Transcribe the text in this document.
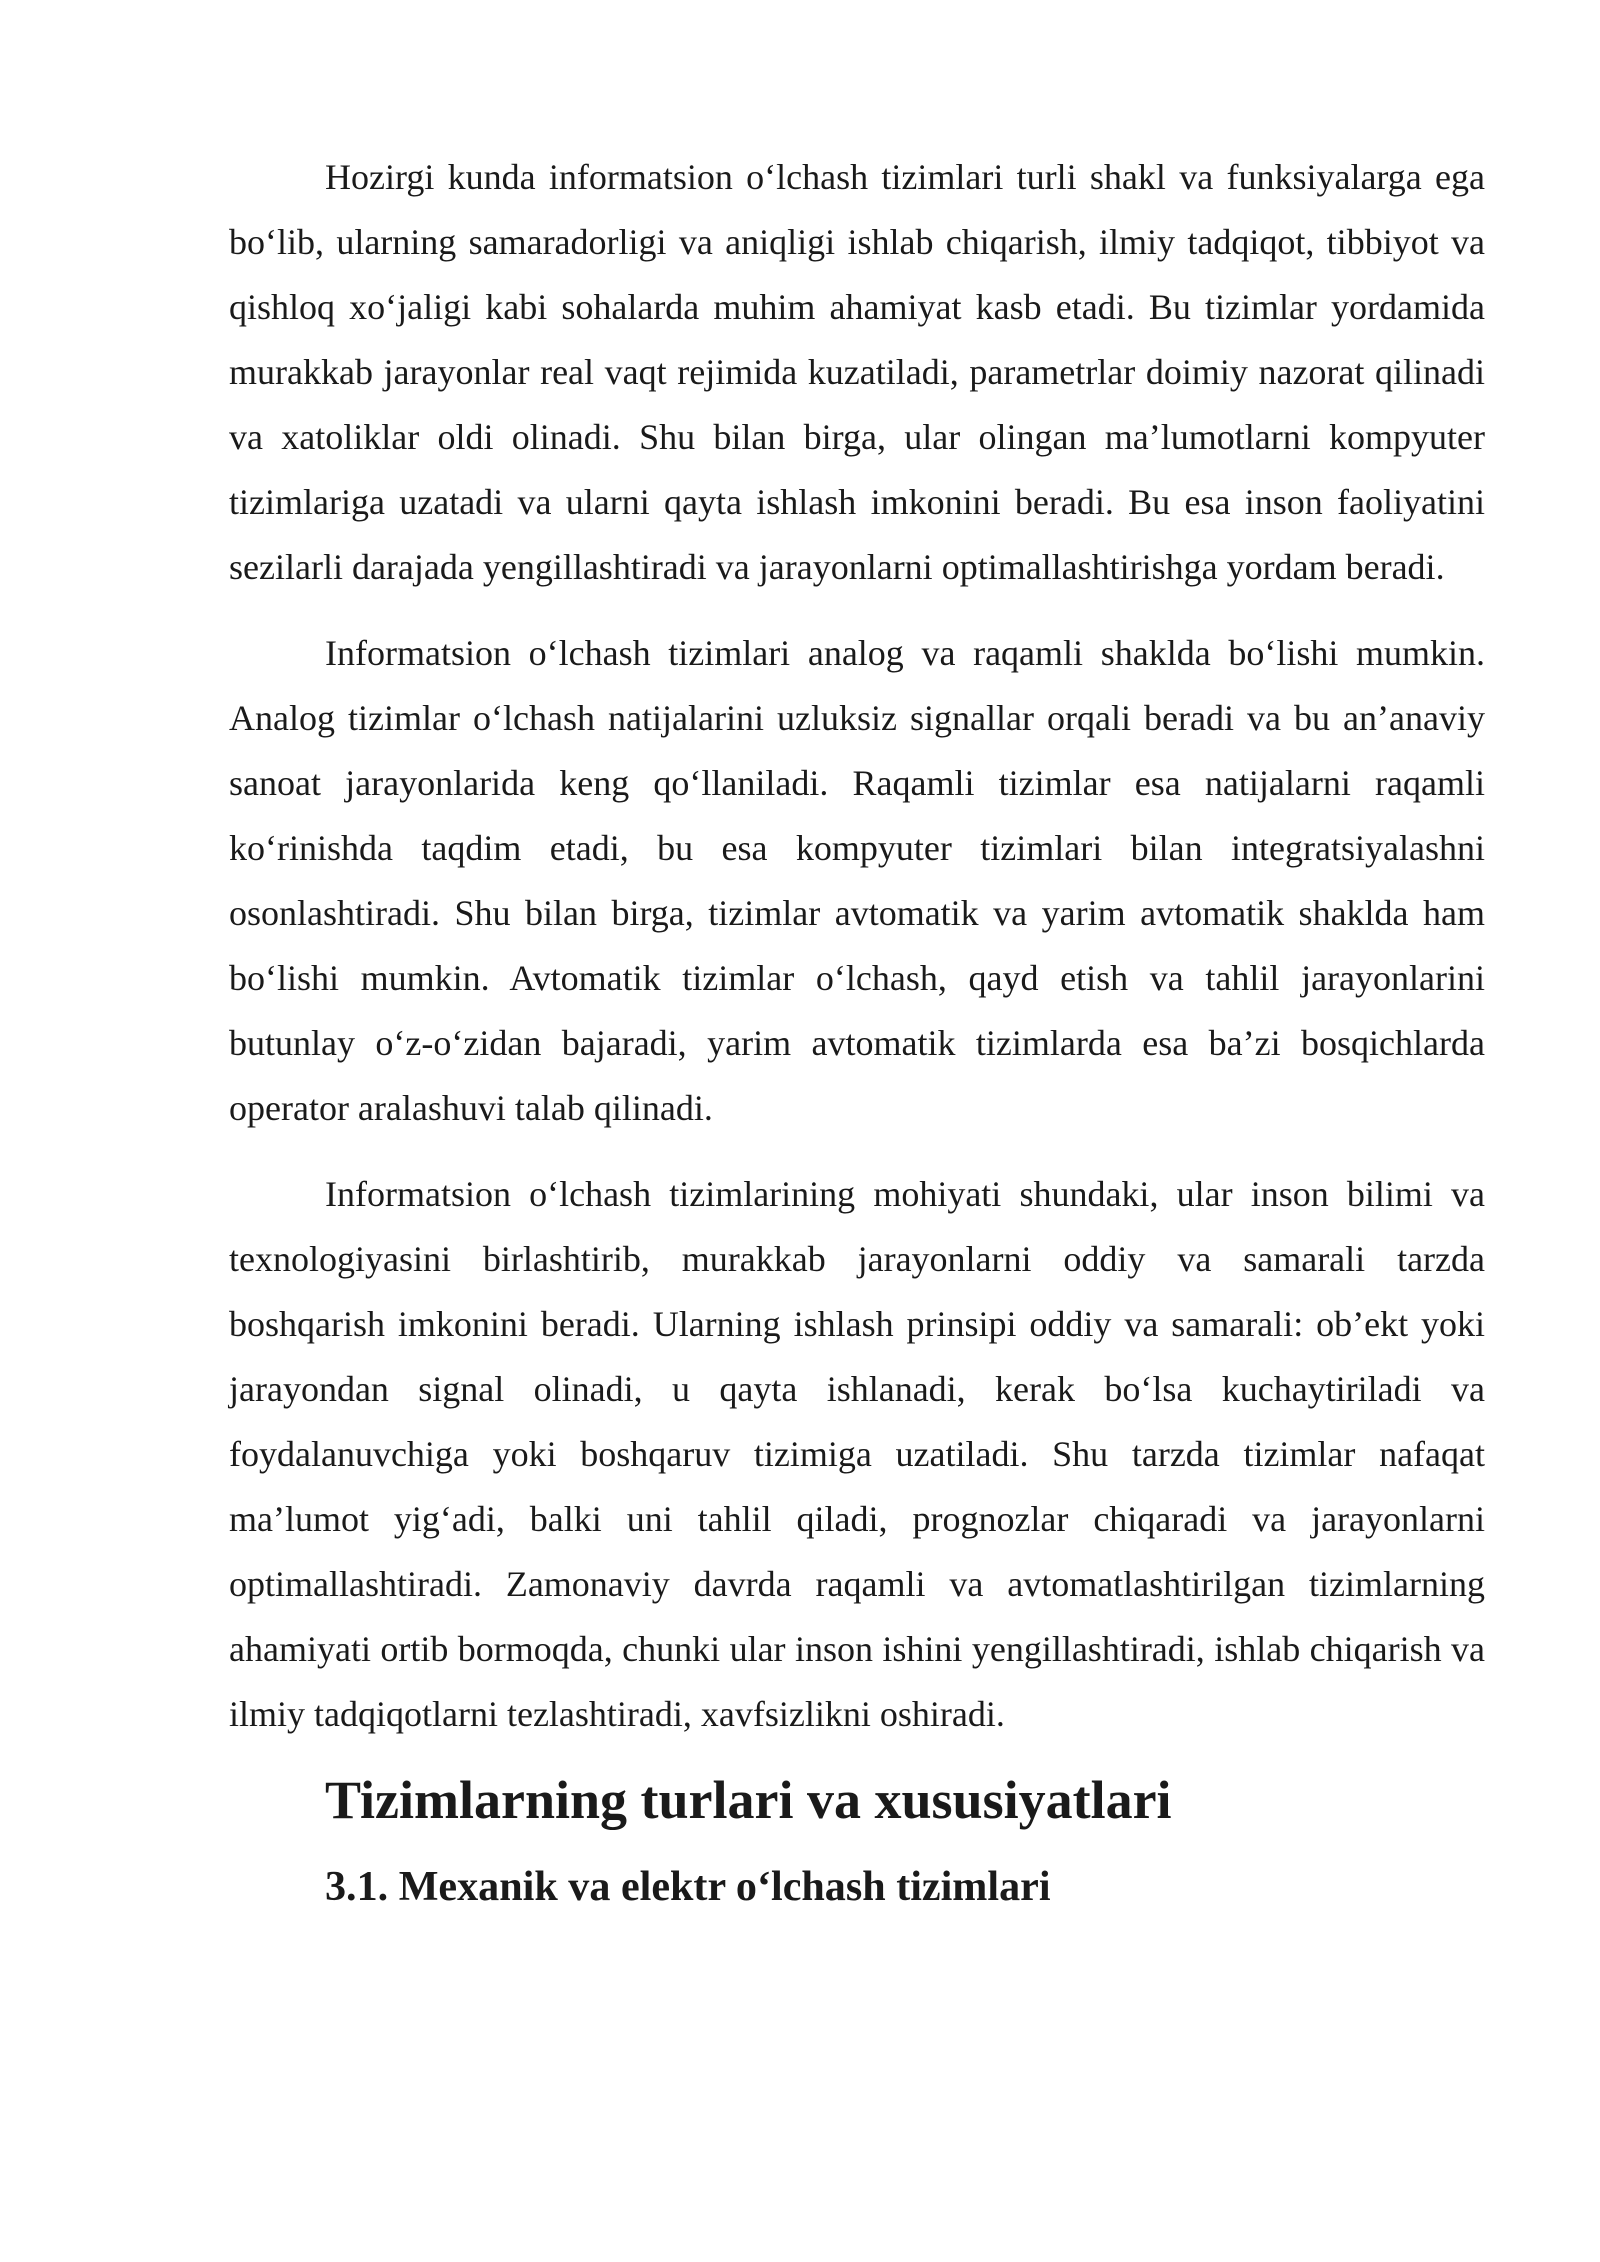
Hozirgi kunda informatsion o‘lchash tizimlari turli shakl va funksiyalarga ega bo‘lib, ularning samaradorligi va aniqligi ishlab chiqarish, ilmiy tadqiqot, tibbiyot va qishloq xo‘jaligi kabi sohalarda muhim ahamiyat kasb etadi. Bu tizimlar yordamida murakkab jarayonlar real vaqt rejimida kuzatiladi, parametrlar doimiy nazorat qilinadi va xatoliklar oldi olinadi. Shu bilan birga, ular olingan ma’lumotlarni kompyuter tizimlariga uzatadi va ularni qayta ishlash imkonini beradi. Bu esa inson faoliyatini sezilarli darajada yengillashtiradi va jarayonlarni optimallashtirishga yordam beradi.

Informatsion o‘lchash tizimlari analog va raqamli shaklda bo‘lishi mumkin. Analog tizimlar o‘lchash natijalarini uzluksiz signallar orqali beradi va bu an’anaviy sanoat jarayonlarida keng qo‘llaniladi. Raqamli tizimlar esa natijalarni raqamli ko‘rinishda taqdim etadi, bu esa kompyuter tizimlari bilan integratsiyalashni osonlashtiradi. Shu bilan birga, tizimlar avtomatik va yarim avtomatik shaklda ham bo‘lishi mumkin. Avtomatik tizimlar o‘lchash, qayd etish va tahlil jarayonlarini butunlay o‘z-o‘zidan bajaradi, yarim avtomatik tizimlarda esa ba’zi bosqichlarda operator aralashuvi talab qilinadi.

Informatsion o‘lchash tizimlarining mohiyati shundaki, ular inson bilimi va texnologiyasini birlashtirib, murakkab jarayonlarni oddiy va samarali tarzda boshqarish imkonini beradi. Ularning ishlash prinsipi oddiy va samarali: ob’ekt yoki jarayondan signal olinadi, u qayta ishlanadi, kerak bo‘lsa kuchaytiriladi va foydalanuvchiga yoki boshqaruv tizimiga uzatiladi. Shu tarzda tizimlar nafaqat ma’lumot yig‘adi, balki uni tahlil qiladi, prognozlar chiqaradi va jarayonlarni optimallashtiradi. Zamonaviy davrda raqamli va avtomatlashtirilgan tizimlarning ahamiyati ortib bormoqda, chunki ular inson ishini yengillashtiradi, ishlab chiqarish va ilmiy tadqiqotlarni tezlashtiradi, xavfsizlikni oshiradi.

Tizimlarning turlari va xususiyatlari
3.1. Mexanik va elektr o‘lchash tizimlari
